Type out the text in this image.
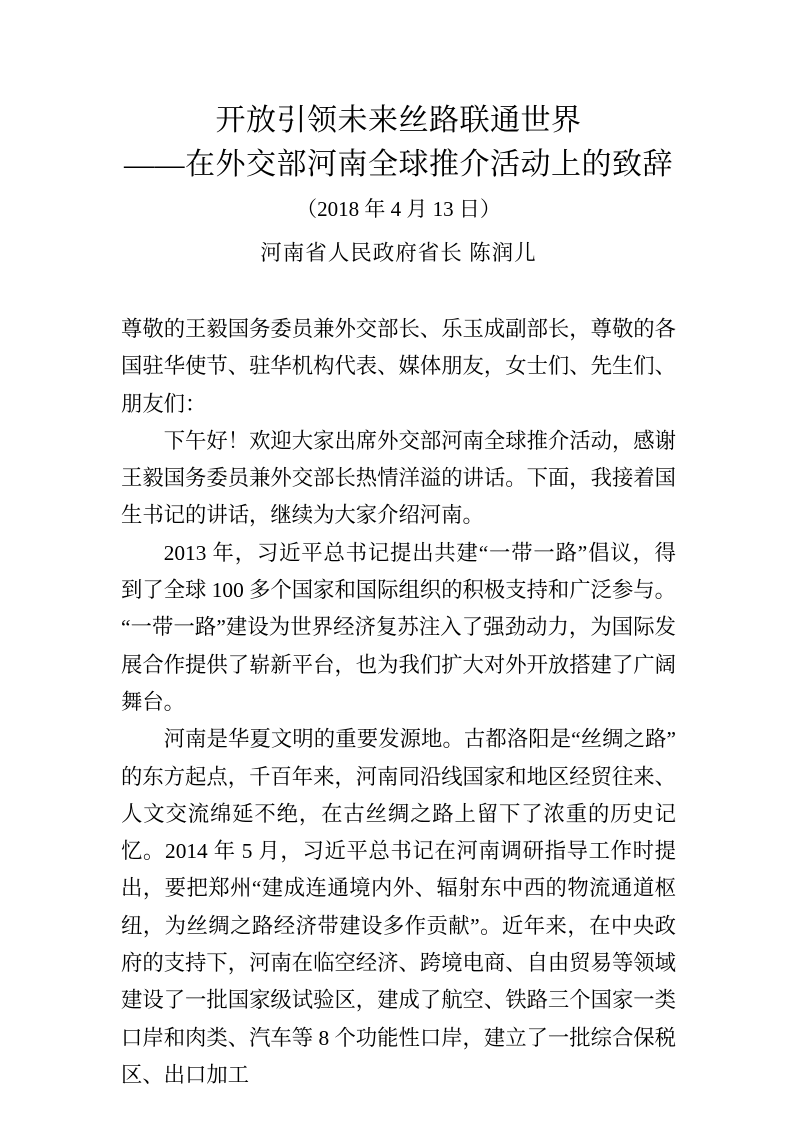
开放引领未来丝路联通世界
——在外交部河南全球推介活动上的致辞
（2018 年 4 月 13 日）
河南省人民政府省长 陈润儿

尊敬的王毅国务委员兼外交部长、乐玉成副部长，尊敬的各国驻华使节、驻华机构代表、媒体朋友，女士们、先生们、朋友们：

下午好！欢迎大家出席外交部河南全球推介活动，感谢王毅国务委员兼外交部长热情洋溢的讲话。下面，我接着国生书记的讲话，继续为大家介绍河南。

2013 年，习近平总书记提出共建“一带一路”倡议，得到了全球 100 多个国家和国际组织的积极支持和广泛参与。“一带一路”建设为世界经济复苏注入了强劲动力，为国际发展合作提供了崭新平台，也为我们扩大对外开放搭建了广阔舞台。

河南是华夏文明的重要发源地。古都洛阳是“丝绸之路”的东方起点，千百年来，河南同沿线国家和地区经贸往来、人文交流绵延不绝，在古丝绸之路上留下了浓重的历史记忆。2014 年 5 月，习近平总书记在河南调研指导工作时提出，要把郑州“建成连通境内外、辐射东中西的物流通道枢纽，为丝绸之路经济带建设多作贡献”。近年来，在中央政府的支持下，河南在临空经济、跨境电商、自由贸易等领域建设了一批国家级试验区，建成了航空、铁路三个国家一类口岸和肉类、汽车等 8 个功能性口岸，建立了一批综合保税区、出口加工
